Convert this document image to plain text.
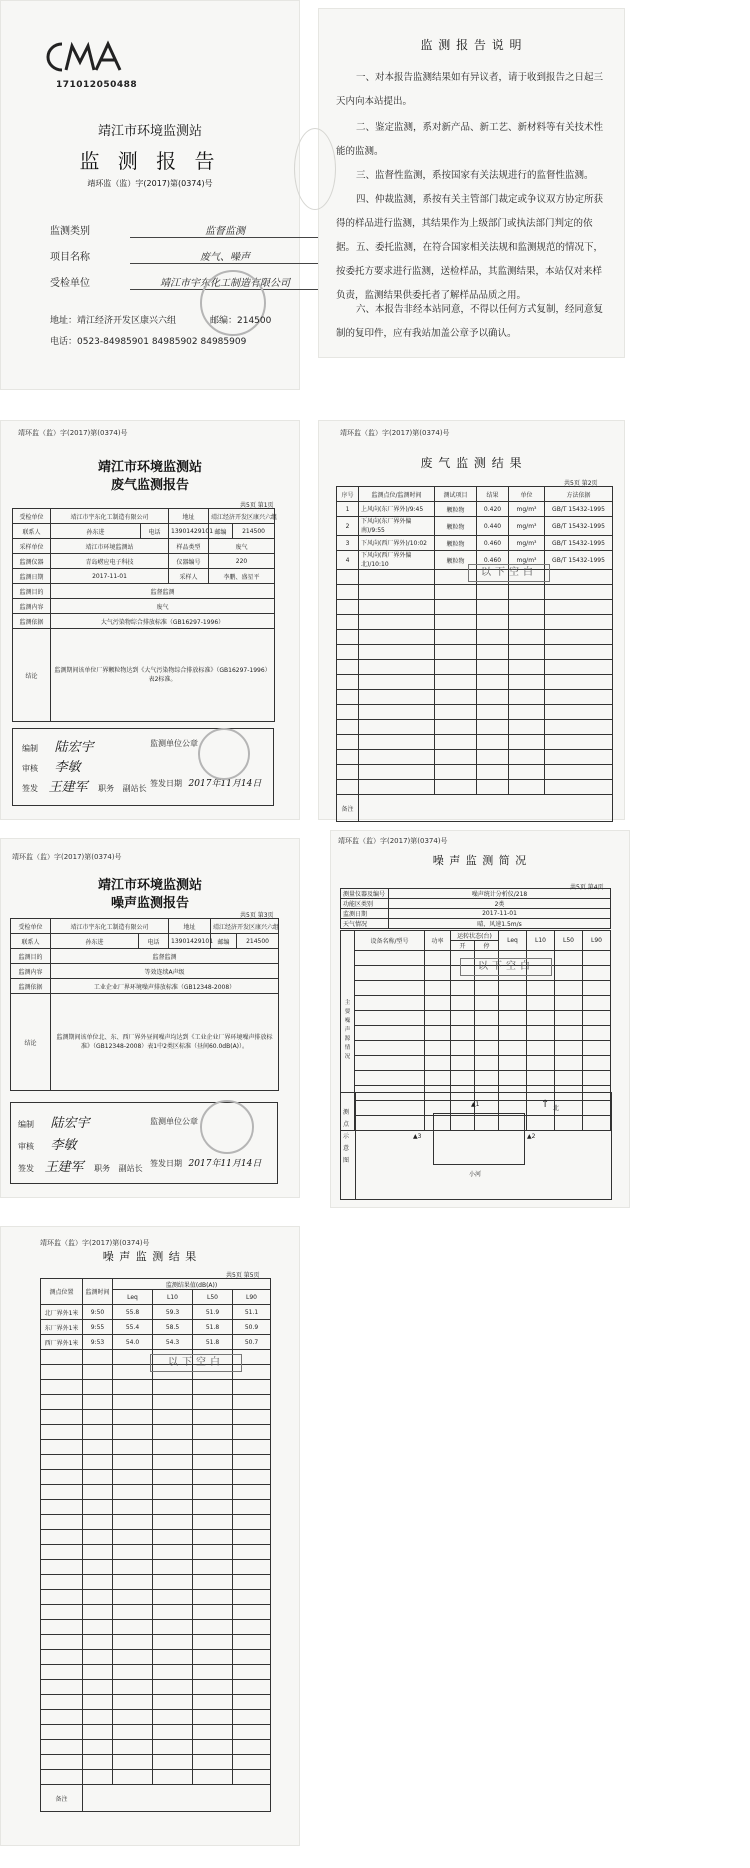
171012050488
靖江市环境监测站
监 测 报 告
靖环监（监）字(2017)第(0374)号
监测类别	监督监测
项目名称	废气、噪声
受检单位	靖江市宇东化工制造有限公司
地址：靖江经济开发区康兴六组	邮编：214500
电话：0523-84985901 84985902 84985909
监 测 报 告 说 明
一、对本报告监测结果如有异议者，请于收到报告之日起三天内向本站提出。
二、鉴定监测，系对新产品、新工艺、新材料等有关技术性能的监测。
三、监督性监测，系按国家有关法规进行的监督性监测。
四、仲裁监测，系按有关主管部门裁定或争议双方协定所获得的样品进行监测，其结果作为上级部门或执法部门判定的依据。 五、委托监测，在符合国家相关法规和监测规范的情况下，按委托方要求进行监测，送检样品，其监测结果，本站仅对来样负责，监测结果供委托者了解样品品质之用。
六、本报告非经本站同意，不得以任何方式复制，经同意复制的复印件，应有我站加盖公章予以确认。
靖环监（监）字(2017)第(0374)号
靖江市环境监测站
废气监测报告
共5页 第1页
受检单位	靖江市宇东化工制造有限公司		地址	靖江经济开发区康兴六组	
联系人	孙东进	电话	13901429101	邮编	214500
采样单位	靖江市环境监测站		样品类型	废气	
监测仪器	青岛崂应电子科技		仪器编号	220	
监测日期	2017-11-01		采样人	李鹏、盛星平	
监测目的	监督监测				
监测内容	废气				
监测依据	大气污染物综合排放标准（GB16297-1996）				
结论	监测期间该单位厂界颗粒物达到《大气污染物综合排放标准》（GB16297-1996）表2标准。				
编制 陆宏宇	监测单位公章
审核 李敏
签发 王建军 职务 副站长
签发日期 2017年11月14日
靖环监（监）字(2017)第(0374)号
废 气 监 测 结 果
共5页 第2页
序号	监测点位/监测时间	测试项目	结果	单位	方法依据
1	上风向(东厂界外)/9:45	颗粒物	0.420	mg/m³	GB/T 15432-1995
2	下风向(东厂界外偏南)/9:55	颗粒物	0.440	mg/m³	GB/T 15432-1995
3	下风向(西厂界外)/10:02	颗粒物	0.460	mg/m³	GB/T 15432-1995
4	下风向(西厂界外偏北)/10:10	颗粒物	0.460	mg/m³	GB/T 15432-1995

备注					
以下空白
靖环监（监）字(2017)第(0374)号
靖江市环境监测站
噪声监测报告
共5页 第3页
受检单位	靖江市宇东化工制造有限公司		地址	靖江经济开发区康兴六组	
联系人	孙东进	电话	13901429101	邮编	214500
监测目的	监督监测				
监测内容	等效连续A声级				
监测依据	工业企业厂界环境噪声排放标准（GB12348-2008）				
结论	监测期间该单位北、东、西厂界外昼间噪声均达到《工业企业厂界环境噪声排放标准》（GB12348-2008）表1中2类区标准（昼间60.0dB(A)）。				
编制 陆宏宇	监测单位公章
审核 李敏
签发 王建军 职务 副站长
签发日期 2017年11月14日
靖环监（监）字(2017)第(0374)号
噪 声 监 测 简 况
共5页 第4页
测量仪器及编号	噪声统计分析仪/218
功能区类别	2类
监测日期	2017-11-01
天气情况	晴，风速1.5m/s
主要噪声源情况	设备名称/型号	功率	运转状态(台)		Leq	L10	L50	L90
			开	停				

以下空白
测点示意图
▲1
▲2
▲3
↑ 北
小河
靖环监（监）字(2017)第(0374)号
噪 声 监 测 结 果
共5页 第5页
测点位置	监测时间	监测结果值(dB(A))			
		Leq	L10	L50	L90
北厂界外1米	9:50	55.8	59.3	51.9	51.1
东厂界外1米	9:55	55.4	58.5	51.8	50.9
西厂界外1米	9:53	54.0	54.3	51.8	50.7

备注					
以下空白
